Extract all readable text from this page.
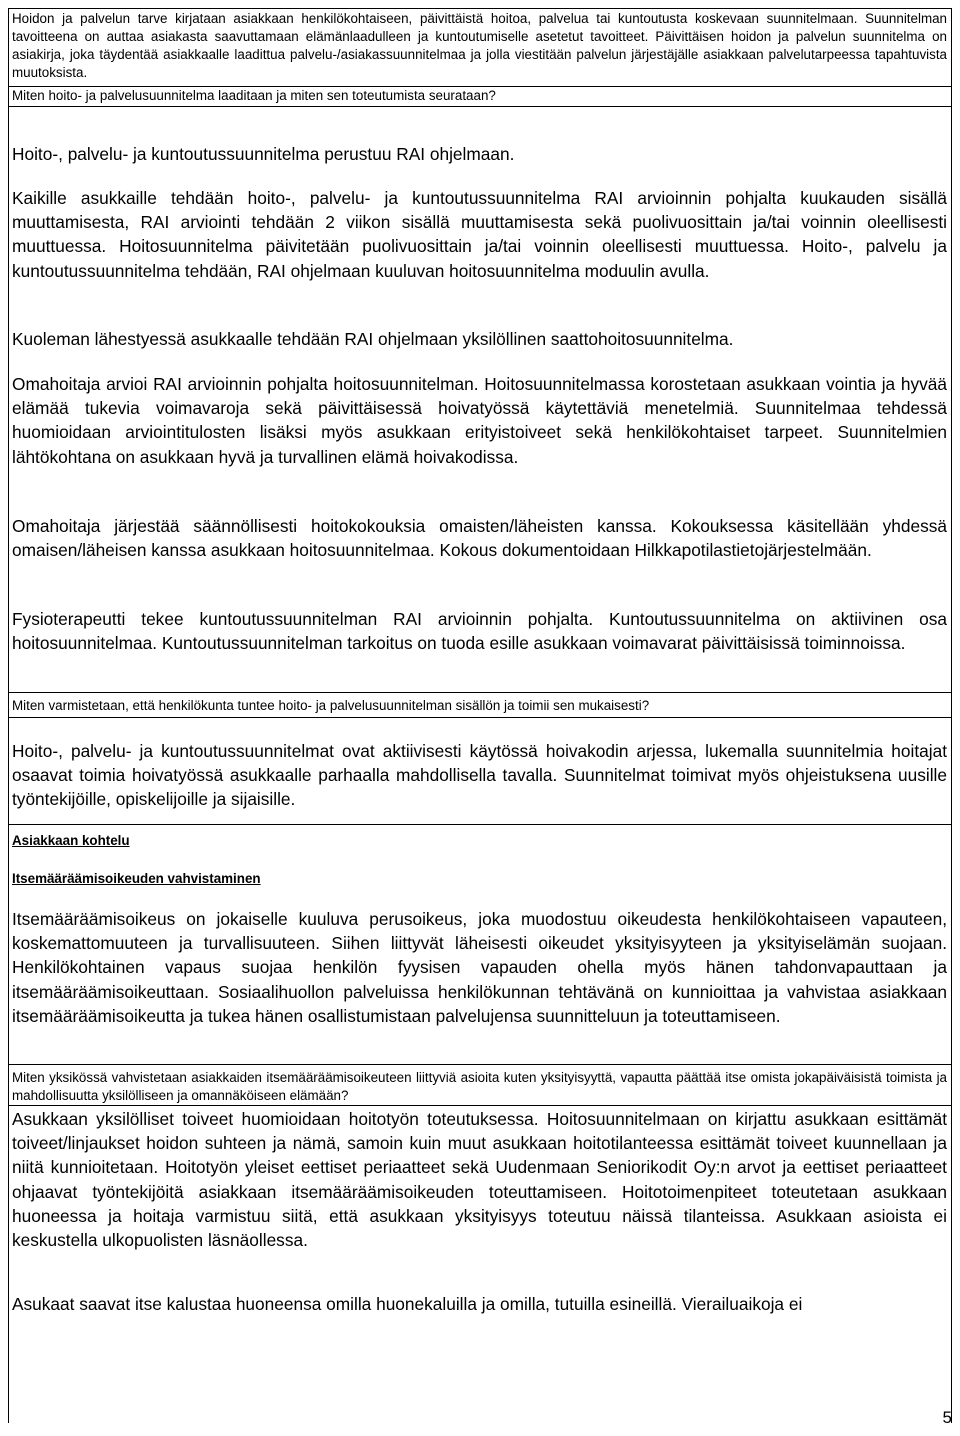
Hoidon ja palvelun tarve kirjataan asiakkaan henkilökohtaiseen, päivittäistä hoitoa, palvelua tai kuntoutusta koskevaan suunnitelmaan. Suunnitelman tavoitteena on auttaa asiakasta saavuttamaan elämänlaadulleen ja kuntoutumiselle asetetut tavoitteet. Päivittäisen hoidon ja palvelun suunnitelma on asiakirja, joka täydentää asiakkaalle laadittua palvelu-/asiakassuunnitelmaa ja jolla viestitään palvelun järjestäjälle asiakkaan palvelutarpeessa tapahtuvista muutoksista.
Miten hoito- ja palvelusuunnitelma laaditaan ja miten sen toteutumista seurataan?
Hoito-, palvelu- ja kuntoutussuunnitelma perustuu RAI ohjelmaan.
Kaikille asukkaille tehdään hoito-, palvelu- ja kuntoutussuunnitelma RAI arvioinnin pohjalta kuukauden sisällä muuttamisesta, RAI arviointi tehdään 2 viikon sisällä muuttamisesta sekä puolivuosittain ja/tai voinnin oleellisesti muuttuessa. Hoitosuunnitelma päivitetään puolivuosittain ja/tai voinnin oleellisesti muuttuessa. Hoito-, palvelu ja kuntoutussuunnitelma tehdään, RAI ohjelmaan kuuluvan hoitosuunnitelma moduulin avulla.
Kuoleman lähestyessä asukkaalle tehdään RAI ohjelmaan yksilöllinen saattohoitosuunnitelma.
Omahoitaja arvioi RAI arvioinnin pohjalta hoitosuunnitelman. Hoitosuunnitelmassa korostetaan asukkaan vointia ja hyvää elämää tukevia voimavaroja sekä päivittäisessä hoivatyössä käytettäviä menetelmiä. Suunnitelmaa tehdessä huomioidaan arviointitulosten lisäksi myös asukkaan erityistoiveet sekä henkilökohtaiset tarpeet. Suunnitelmien lähtökohtana on asukkaan hyvä ja turvallinen elämä hoivakodissa.
Omahoitaja järjestää säännöllisesti hoitokokouksia omaisten/läheisten kanssa. Kokouksessa käsitellään yhdessä omaisen/läheisen kanssa asukkaan hoitosuunnitelmaa. Kokous dokumentoidaan Hilkkapotilastietojärjestelmään.
Fysioterapeutti tekee kuntoutussuunnitelman RAI arvioinnin pohjalta. Kuntoutussuunnitelma on aktiivinen osa hoitosuunnitelmaa. Kuntoutussuunnitelman tarkoitus on tuoda esille asukkaan voimavarat päivittäisissä toiminnoissa.
Miten varmistetaan, että henkilökunta tuntee hoito- ja palvelusuunnitelman sisällön ja toimii sen mukaisesti?
Hoito-, palvelu- ja kuntoutussuunnitelmat ovat aktiivisesti käytössä hoivakodin arjessa, lukemalla suunnitelmia hoitajat osaavat toimia hoivatyössä asukkaalle parhaalla mahdollisella tavalla. Suunnitelmat toimivat myös ohjeistuksena uusille työntekijöille, opiskelijoille ja sijaisille.
Asiakkaan kohtelu
Itsemääräämisoikeuden vahvistaminen
Itsemääräämisoikeus on jokaiselle kuuluva perusoikeus, joka muodostuu oikeudesta henkilökohtaiseen vapauteen, koskemattomuuteen ja turvallisuuteen. Siihen liittyvät läheisesti oikeudet yksityisyyteen ja yksityiselämän suojaan. Henkilökohtainen vapaus suojaa henkilön fyysisen vapauden ohella myös hänen tahdonvapauttaan ja itsemääräämisoikeuttaan. Sosiaalihuollon palveluissa henkilökunnan tehtävänä on kunnioittaa ja vahvistaa asiakkaan itsemääräämisoikeutta ja tukea hänen osallistumistaan palvelujensa suunnitteluun ja toteuttamiseen.
Miten yksikössä vahvistetaan asiakkaiden itsemääräämisoikeuteen liittyviä asioita kuten yksityisyyttä, vapautta päättää itse omista jokapäiväisistä toimista ja mahdollisuutta yksilölliseen ja omannäköiseen elämään?
Asukkaan yksilölliset toiveet huomioidaan hoitotyön toteutuksessa. Hoitosuunnitelmaan on kirjattu asukkaan esittämät toiveet/linjaukset hoidon suhteen ja nämä, samoin kuin muut asukkaan hoitotilanteessa esittämät toiveet kuunnellaan ja niitä kunnioitetaan. Hoitotyön yleiset eettiset periaatteet sekä Uudenmaan Seniorikodit Oy:n arvot ja eettiset periaatteet ohjaavat työntekijöitä asiakkaan itsemääräämisoikeuden toteuttamiseen. Hoitotoimenpiteet toteutetaan asukkaan huoneessa ja hoitaja varmistuu siitä, että asukkaan yksityisyys toteutuu näissä tilanteissa. Asukkaan asioista ei keskustella ulkopuolisten läsnäollessa.
Asukaat saavat itse kalustaa huoneensa omilla huonekaluilla ja omilla, tutuilla esineillä. Vierailuaikoja ei
5
